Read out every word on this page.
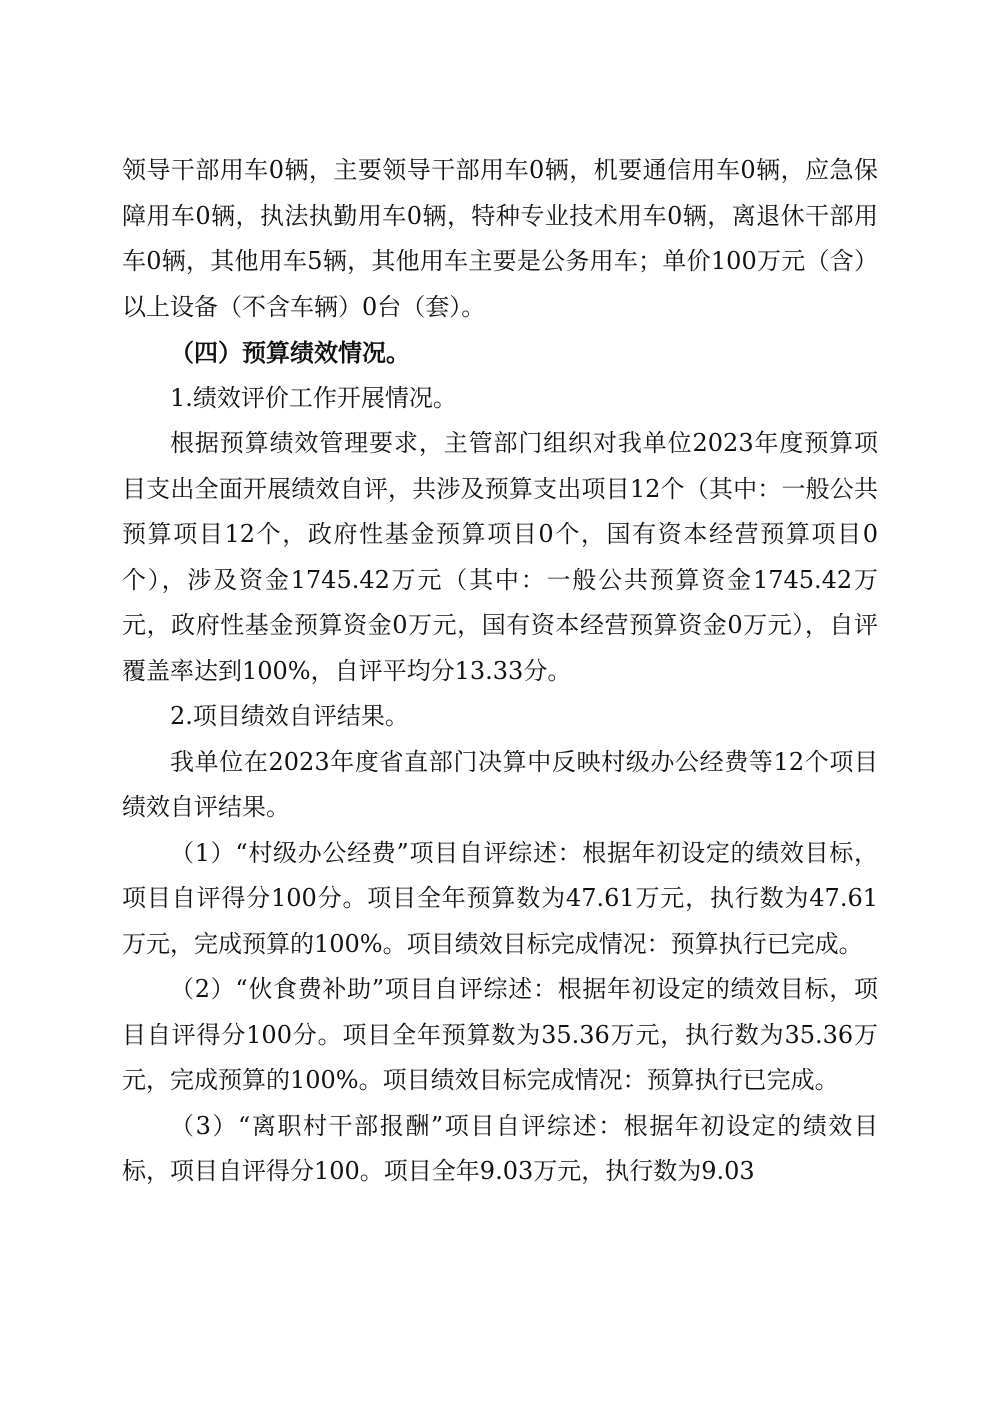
领导干部用车0辆，主要领导干部用车0辆，机要通信用车0辆，应急保障用车0辆，执法执勤用车0辆，特种专业技术用车0辆，离退休干部用车0辆，其他用车5辆，其他用车主要是公务用车；单价100万元（含）以上设备（不含车辆）0台（套）。

（四）预算绩效情况。

1.绩效评价工作开展情况。

根据预算绩效管理要求，主管部门组织对我单位2023年度预算项目支出全面开展绩效自评，共涉及预算支出项目12个（其中：一般公共预算项目12个，政府性基金预算项目0个，国有资本经营预算项目0个），涉及资金1745.42万元（其中：一般公共预算资金1745.42万元，政府性基金预算资金0万元，国有资本经营预算资金0万元），自评覆盖率达到100%，自评平均分13.33分。

2.项目绩效自评结果。

我单位在2023年度省直部门决算中反映村级办公经费等12个项目绩效自评结果。

（1）“村级办公经费”项目自评综述：根据年初设定的绩效目标，项目自评得分100分。项目全年预算数为47.61万元，执行数为47.61万元，完成预算的100%。项目绩效目标完成情况：预算执行已完成。

（2）“伙食费补助”项目自评综述：根据年初设定的绩效目标，项目自评得分100分。项目全年预算数为35.36万元，执行数为35.36万元，完成预算的100%。项目绩效目标完成情况：预算执行已完成。

（3）“离职村干部报酬”项目自评综述：根据年初设定的绩效目标，项目自评得分100。项目全年9.03万元，执行数为9.03
